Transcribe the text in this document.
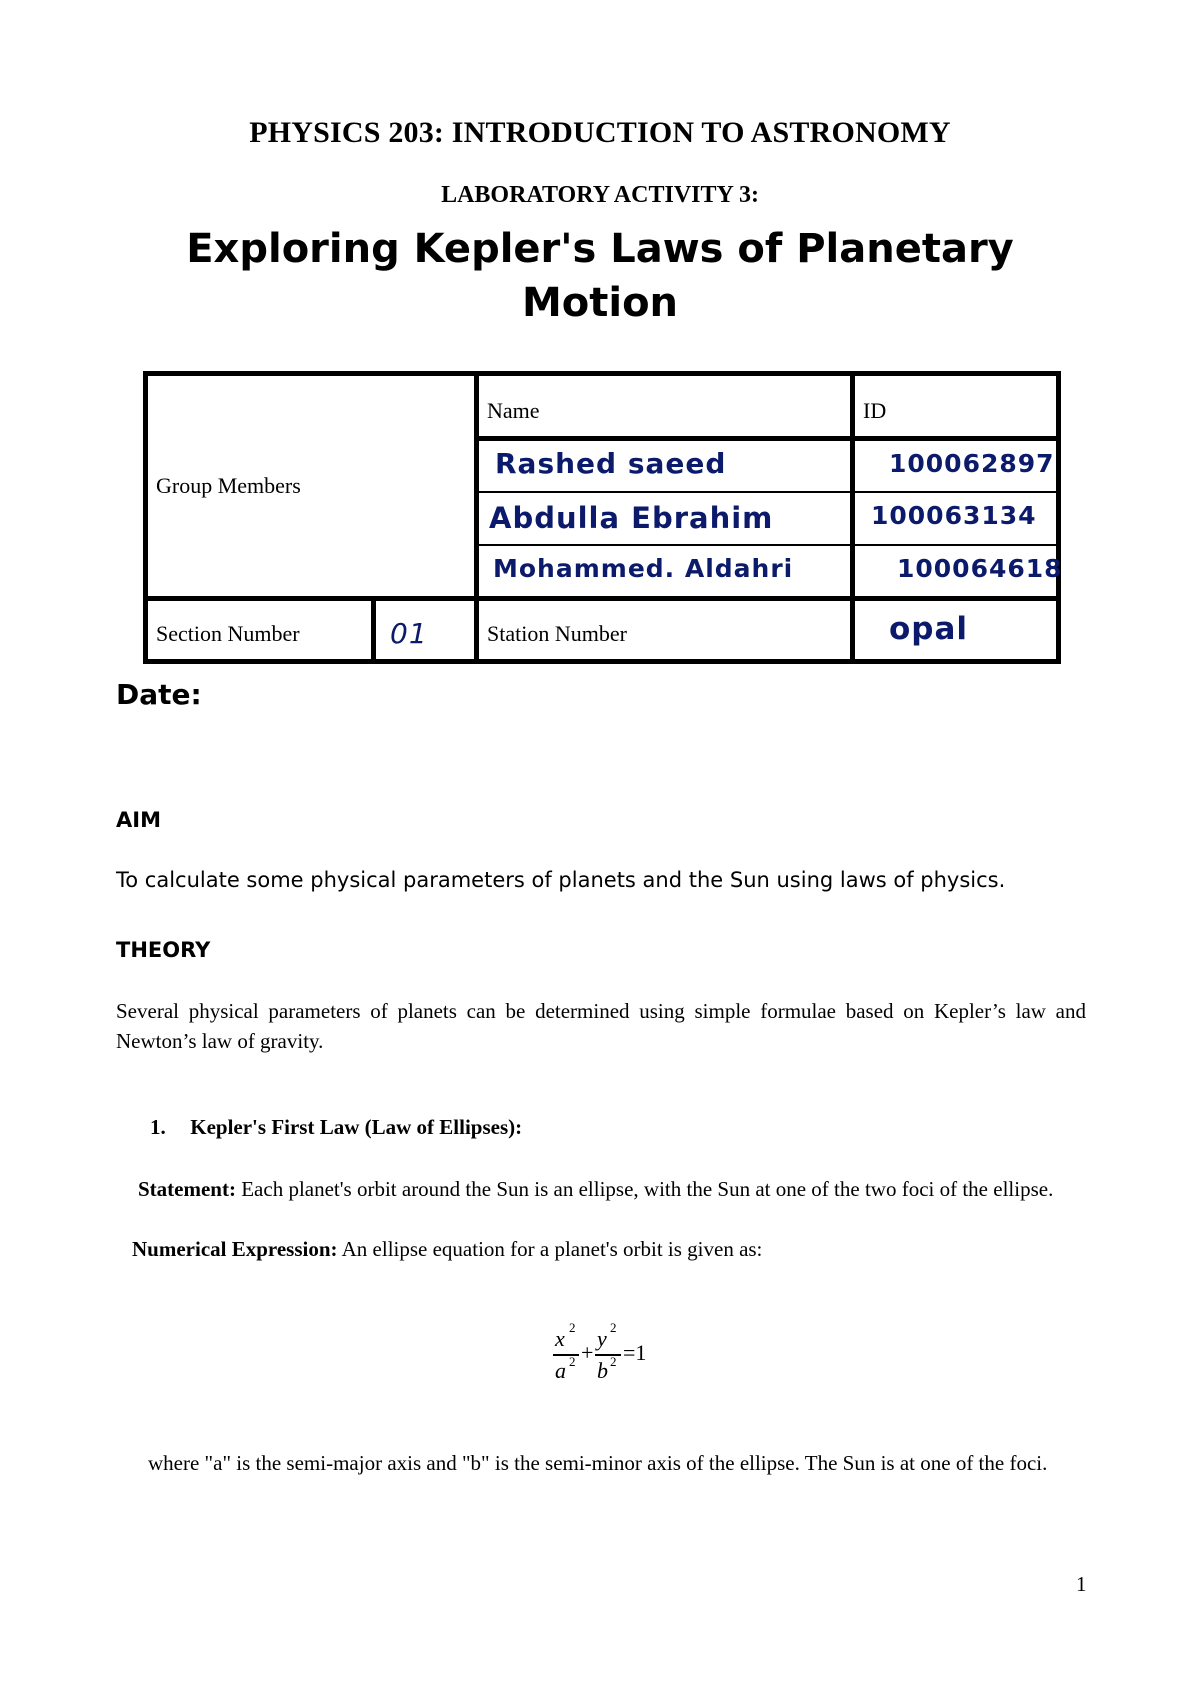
PHYSICS 203: INTRODUCTION TO ASTRONOMY
LABORATORY ACTIVITY 3:
Exploring Kepler's Laws of Planetary
Motion
Group Members
Name	ID
Rashed saeed	100062897
Abdulla Ebrahim	100063134
Mohammed. Aldahri	100064618
Section Number	01	Station Number	opal
Date:
AIM
To calculate some physical parameters of planets and the Sun using laws of physics.
THEORY
Several physical parameters of planets can be determined using simple formulae based on Kepler’s law and Newton’s law of gravity.
1. Kepler's First Law (Law of Ellipses):
Statement: Each planet's orbit around the Sun is an ellipse, with the Sun at one of the two foci of the ellipse.
Numerical Expression: An ellipse equation for a planet's orbit is given as:
x 2
a 2 +
y 2
b 2 =1
where "a" is the semi-major axis and "b" is the semi-minor axis of the ellipse. The Sun is at one of the foci.
1
